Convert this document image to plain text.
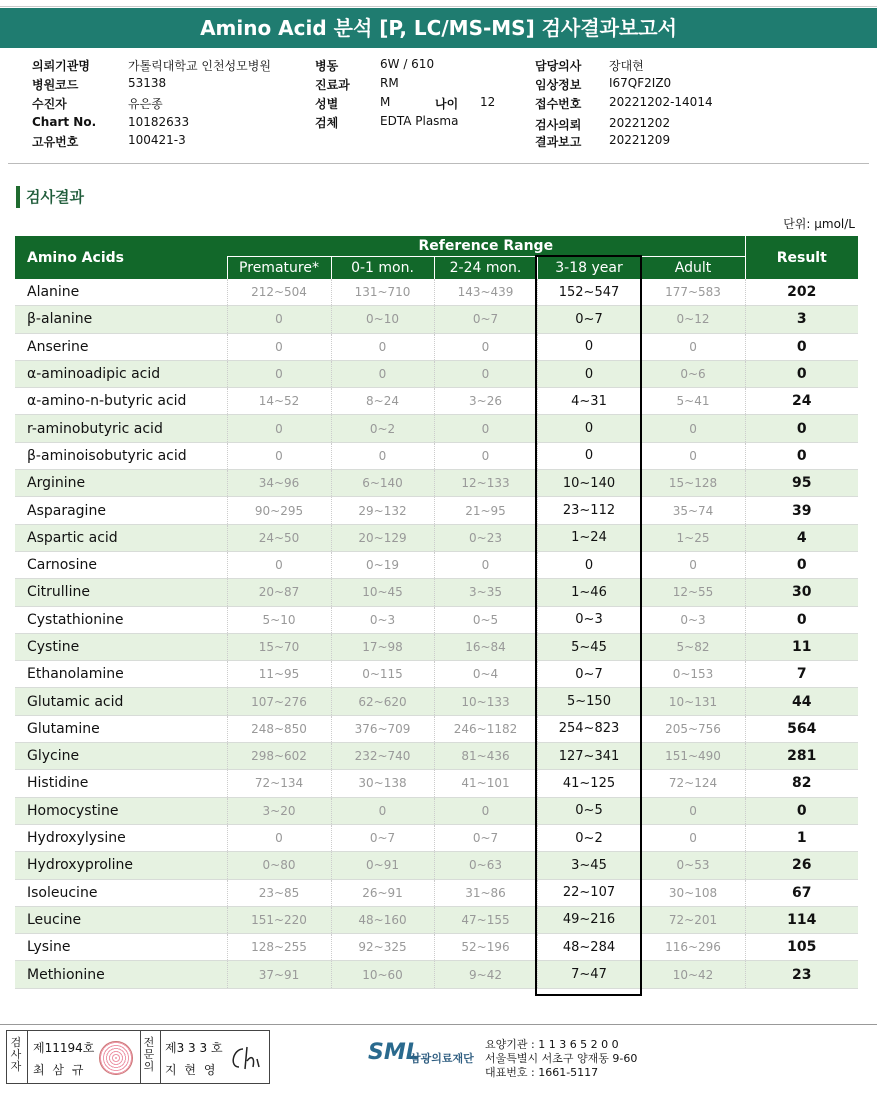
Amino Acid 분석 [P, LC/MS-MS] 검사결과보고서
의뢰기관명	가톨릭대학교 인천성모병원
병원코드	53138
수진자	유은종
Chart No.	10182633
고유번호	100421-3
병동	6W / 610
진료과	RM
성별	M	나이 12
검체	EDTA Plasma
담당의사 장대현
임상정보 I67QF2IZ0
접수번호 20221202-14014
검사의뢰 20221202
결과보고 20221209
검사결과
단위: μmol/L
Amino Acids	Reference Range					Result
	Premature*	0-1 mon.	2-24 mon.	3-18 year	Adult	
Alanine	212~504	131~710	143~439	152~547	177~583	202
β-alanine	0	0~10	0~7	0~7	0~12	3
Anserine	0	0	0	0	0	0
α-aminoadipic acid	0	0	0	0	0~6	0
α-amino-n-butyric acid	14~52	8~24	3~26	4~31	5~41	24
r-aminobutyric acid	0	0~2	0	0	0	0
β-aminoisobutyric acid	0	0	0	0	0	0
Arginine	34~96	6~140	12~133	10~140	15~128	95
Asparagine	90~295	29~132	21~95	23~112	35~74	39
Aspartic acid	24~50	20~129	0~23	1~24	1~25	4
Carnosine	0	0~19	0	0	0	0
Citrulline	20~87	10~45	3~35	1~46	12~55	30
Cystathionine	5~10	0~3	0~5	0~3	0~3	0
Cystine	15~70	17~98	16~84	5~45	5~82	11
Ethanolamine	11~95	0~115	0~4	0~7	0~153	7
Glutamic acid	107~276	62~620	10~133	5~150	10~131	44
Glutamine	248~850	376~709	246~1182	254~823	205~756	564
Glycine	298~602	232~740	81~436	127~341	151~490	281
Histidine	72~134	30~138	41~101	41~125	72~124	82
Homocystine	3~20	0	0	0~5	0	0
Hydroxylysine	0	0~7	0~7	0~2	0	1
Hydroxyproline	0~80	0~91	0~63	3~45	0~53	26
Isoleucine	23~85	26~91	31~86	22~107	30~108	67
Leucine	151~220	48~160	47~155	49~216	72~201	114
Lysine	128~255	92~325	52~196	48~284	116~296	105
Methionine	37~91	10~60	9~42	7~47	10~42	23
검사자
제11194호
최 삼 규
전문의
제3 3 3 호
지 현 영
SML
삼광의료재단
요양기관 : 1 1 3 6 5 2 0 0
서울특별시 서초구 양재동 9-60
대표번호 : 1661-5117
